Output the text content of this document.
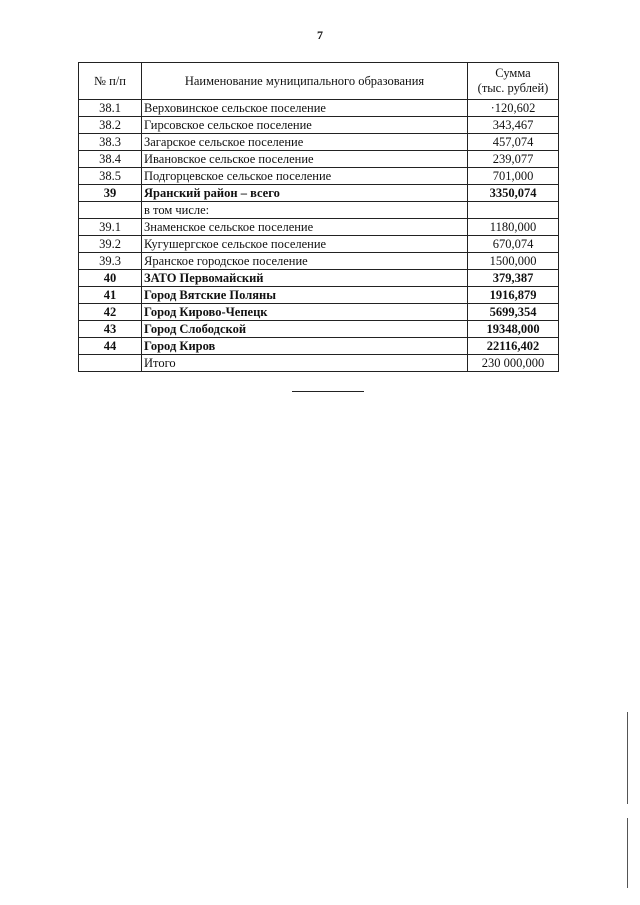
7
№ п/п	Наименование муниципального образования	Сумма
(тыс. рублей)

38.1	Верховинское сельское поселение	·120,602
38.2	Гирсовское сельское поселение	343,467
38.3	Загарское сельское поселение	457,074
38.4	Ивановское сельское поселение	239,077
38.5	Подгорцевское сельское поселение	701,000
39	Яранский район – всего	3350,074
	в том числе:	
39.1	Знаменское сельское поселение	1180,000
39.2	Кугушергское сельское поселение	670,074
39.3	Яранское городское поселение	1500,000
40	ЗАТО Первомайский	379,387
41	Город Вятские Поляны	1916,879
42	Город Кирово-Чепецк	5699,354
43	Город Слободской	19348,000
44	Город Киров	22116,402
	Итого	230 000,000
